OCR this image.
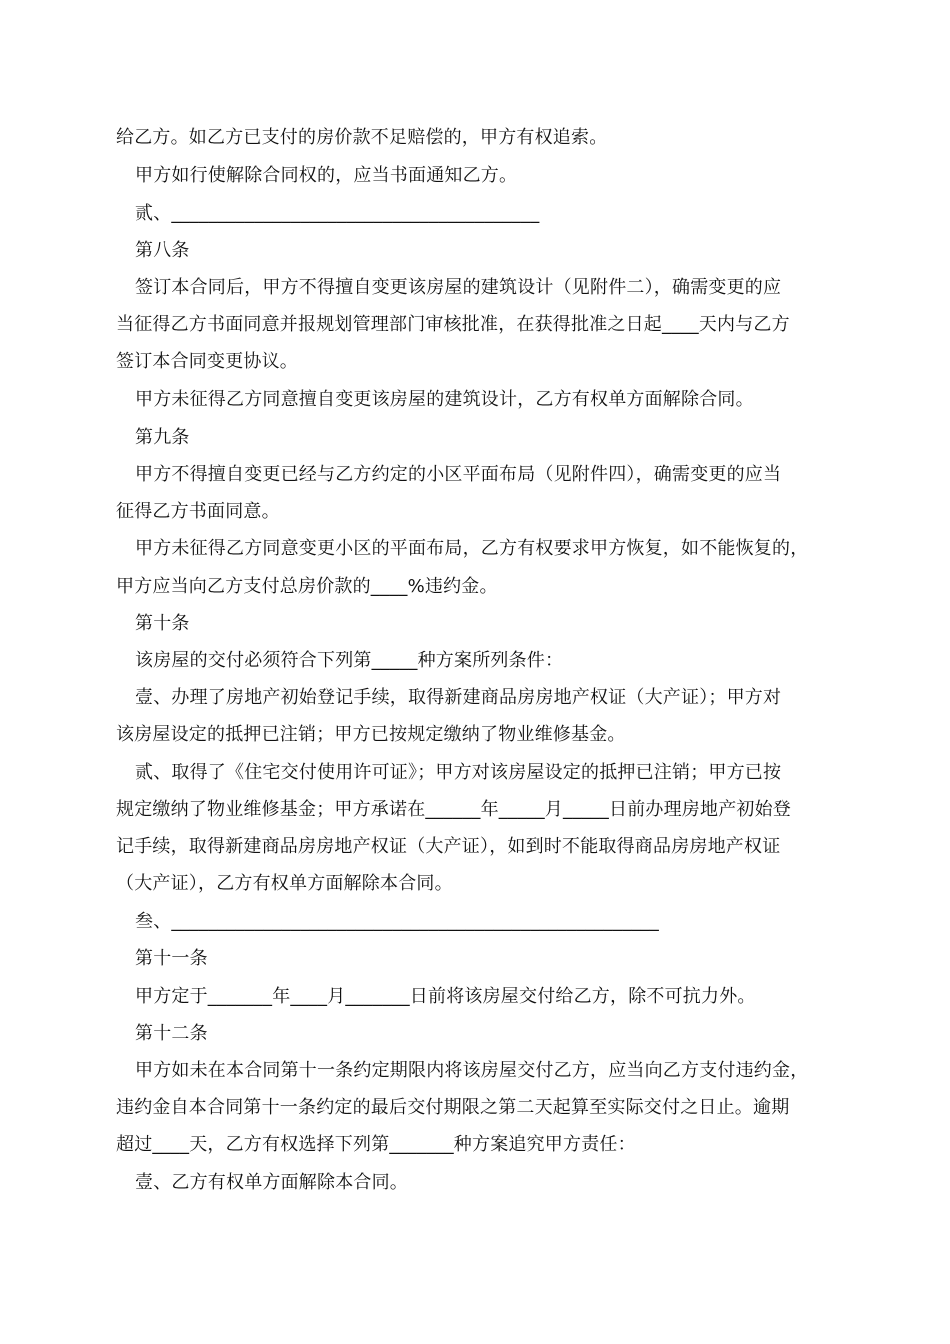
给乙方。如乙方已支付的房价款不足赔偿的，甲方有权追索。
甲方如行使解除合同权的，应当书面通知乙方。
贰、________________________________________
第八条
签订本合同后，甲方不得擅自变更该房屋的建筑设计（见附件二），确需变更的应
当征得乙方书面同意并报规划管理部门审核批准，在获得批准之日起____天内与乙方
签订本合同变更协议。
甲方未征得乙方同意擅自变更该房屋的建筑设计，乙方有权单方面解除合同。
第九条
甲方不得擅自变更已经与乙方约定的小区平面布局（见附件四），确需变更的应当
征得乙方书面同意。
甲方未征得乙方同意变更小区的平面布局，乙方有权要求甲方恢复，如不能恢复的，
甲方应当向乙方支付总房价款的____%违约金。
第十条
该房屋的交付必须符合下列第_____种方案所列条件：
壹、办理了房地产初始登记手续，取得新建商品房房地产权证（大产证）；甲方对
该房屋设定的抵押已注销；甲方已按规定缴纳了物业维修基金。
贰、取得了《住宅交付使用许可证》；甲方对该房屋设定的抵押已注销；甲方已按
规定缴纳了物业维修基金；甲方承诺在______年_____月_____日前办理房地产初始登
记手续，取得新建商品房房地产权证（大产证），如到时不能取得商品房房地产权证
（大产证），乙方有权单方面解除本合同。
叁、_____________________________________________________
第十一条
甲方定于_______年____月_______日前将该房屋交付给乙方，除不可抗力外。
第十二条
甲方如未在本合同第十一条约定期限内将该房屋交付乙方，应当向乙方支付违约金，
违约金自本合同第十一条约定的最后交付期限之第二天起算至实际交付之日止。逾期
超过____天，乙方有权选择下列第_______种方案追究甲方责任：
壹、乙方有权单方面解除本合同。
